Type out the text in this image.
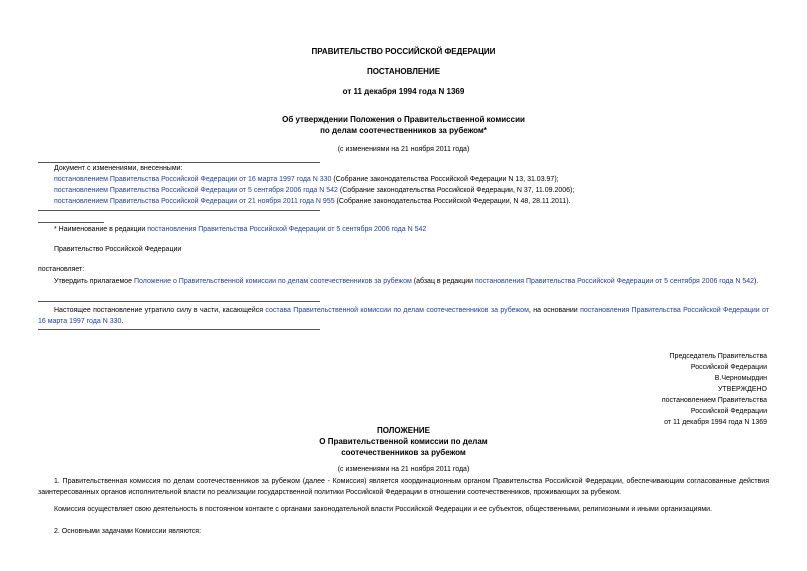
ПРАВИТЕЛЬСТВО РОССИЙСКОЙ ФЕДЕРАЦИИ
ПОСТАНОВЛЕНИЕ
от 11 декабря 1994 года N 1369
Об утверждении Положения о Правительственной комиссии
по делам соотечественников за рубежом*
(с изменениями на 21 ноября 2011 года)
Документ с изменениями, внесенными:
постановлением Правительства Российской Федерации от 16 марта 1997 года N 330 (Собрание законодательства Российской Федерации N 13, 31.03.97);
постановлением Правительства Российской Федерации от 5 сентября 2006 года N 542 (Собрание законодательства Российской Федерации, N 37, 11.09.2006);
постановлением Правительства Российской Федерации от 21 ноября 2011 года N 955 (Собрание законодательства Российской Федерации, N 48, 28.11.2011).
* Наименование в редакции постановления Правительства Российской Федерации от 5 сентября 2006 года N 542
Правительство Российской Федерации
постановляет:
Утвердить прилагаемое Положение о Правительственной комиссии по делам соотечественников за рубежом (абзац в редакции постановления Правительства Российской Федерации от 5 сентября 2006 года N 542).
Настоящее постановление утратило силу в части, касающейся состава Правительственной комиссии по делам соотечественников за рубежом, на основании постановления Правительства Российской Федерации от 16 марта 1997 года N 330.
Председатель Правительства
Российской Федерации
В.Черномырдин
УТВЕРЖДЕНО
постановлением Правительства
Российской Федерации
от 11 декабря 1994 года N 1369
ПОЛОЖЕНИЕ
О Правительственной комиссии по делам
соотечественников за рубежом
(с изменениями на 21 ноября 2011 года)
1. Правительственная комиссия по делам соотечественников за рубежом (далее - Комиссия) является координационным органом Правительства Российской Федерации, обеспечивающим согласованные действия заинтересованных органов исполнительной власти по реализации государственной политики Российской Федерации в отношении соотечественников, проживающих за рубежом.
Комиссия осуществляет свою деятельность в постоянном контакте с органами законодательной власти Российской Федерации и ее субъектов, общественными, религиозными и иными организациями.
2. Основными задачами Комиссии являются:
